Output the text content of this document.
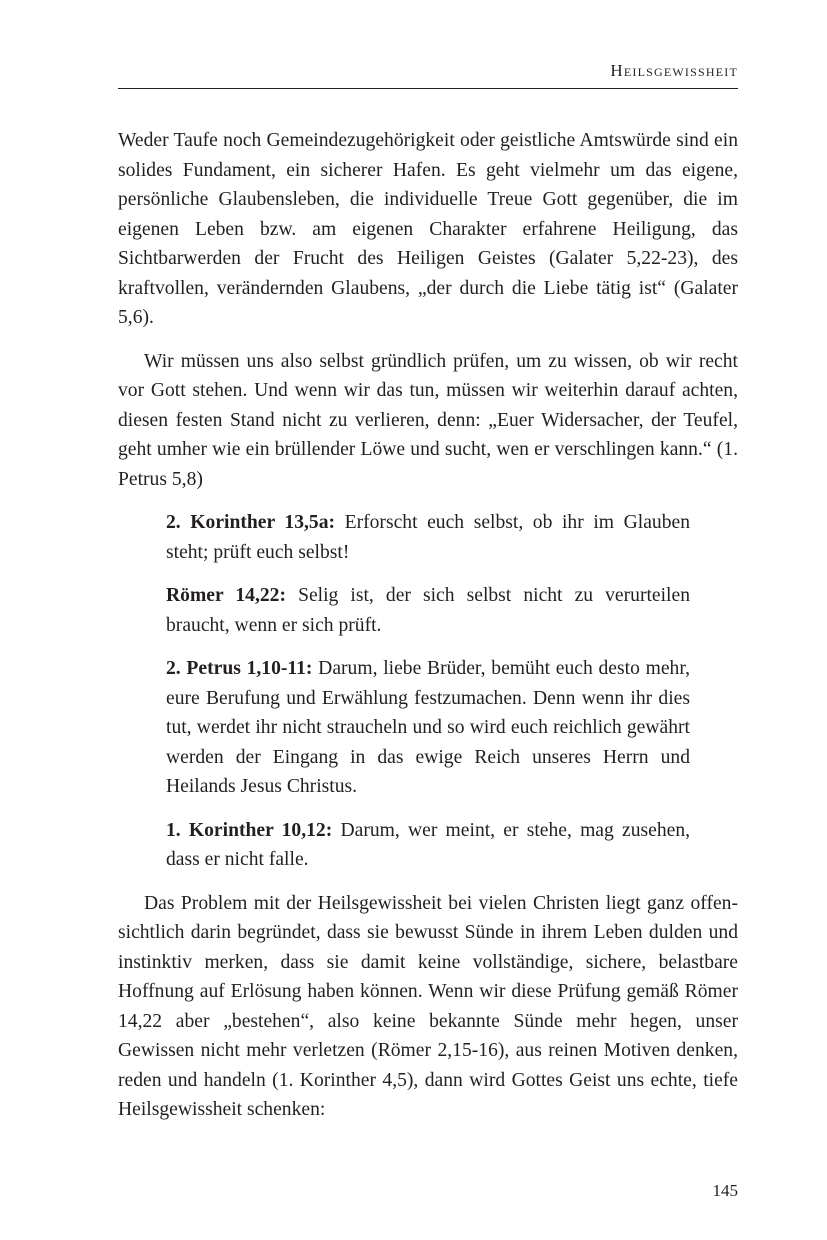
Heilsgewissheit

Weder Taufe noch Gemeindezugehörigkeit oder geistliche Amtswürde sind ein solides Fundament, ein sicherer Hafen. Es geht vielmehr um das eigene, persönliche Glaubensleben, die individuelle Treue Gott gegenüber, die im eigenen Leben bzw. am eigenen Charakter erfahrene Heiligung, das Sichtbarwerden der Frucht des Heiligen Geistes (Galater 5,22-23), des kraftvollen, verändernden Glaubens, „der durch die Liebe tätig ist“ (Galater 5,6).

Wir müssen uns also selbst gründlich prüfen, um zu wissen, ob wir recht vor Gott stehen. Und wenn wir das tun, müssen wir weiterhin darauf achten, diesen festen Stand nicht zu verlieren, denn: „Euer Widersacher, der Teufel, geht umher wie ein brüllender Löwe und sucht, wen er verschlingen kann.“ (1. Petrus 5,8)

2. Korinther 13,5a: Erforscht euch selbst, ob ihr im Glauben steht; prüft euch selbst!

Römer 14,22: Selig ist, der sich selbst nicht zu verurteilen braucht, wenn er sich prüft.

2. Petrus 1,10-11: Darum, liebe Brüder, bemüht euch desto mehr, eure Berufung und Erwählung festzumachen. Denn wenn ihr dies tut, werdet ihr nicht straucheln und so wird euch reichlich gewährt werden der Eingang in das ewige Reich unseres Herrn und Heilands Jesus Christus.

1. Korinther 10,12: Darum, wer meint, er stehe, mag zusehen, dass er nicht falle.

Das Problem mit der Heilsgewissheit bei vielen Christen liegt ganz offensichtlich darin begründet, dass sie bewusst Sünde in ihrem Leben dulden und instinktiv merken, dass sie damit keine vollständige, sichere, belastbare Hoffnung auf Erlösung haben können. Wenn wir diese Prüfung gemäß Römer 14,22 aber „bestehen“, also keine bekannte Sünde mehr hegen, unser Gewissen nicht mehr verletzen (Römer 2,15-16), aus reinen Motiven denken, reden und handeln (1. Korinther 4,5), dann wird Gottes Geist uns echte, tiefe Heilsgewissheit schenken:

145
